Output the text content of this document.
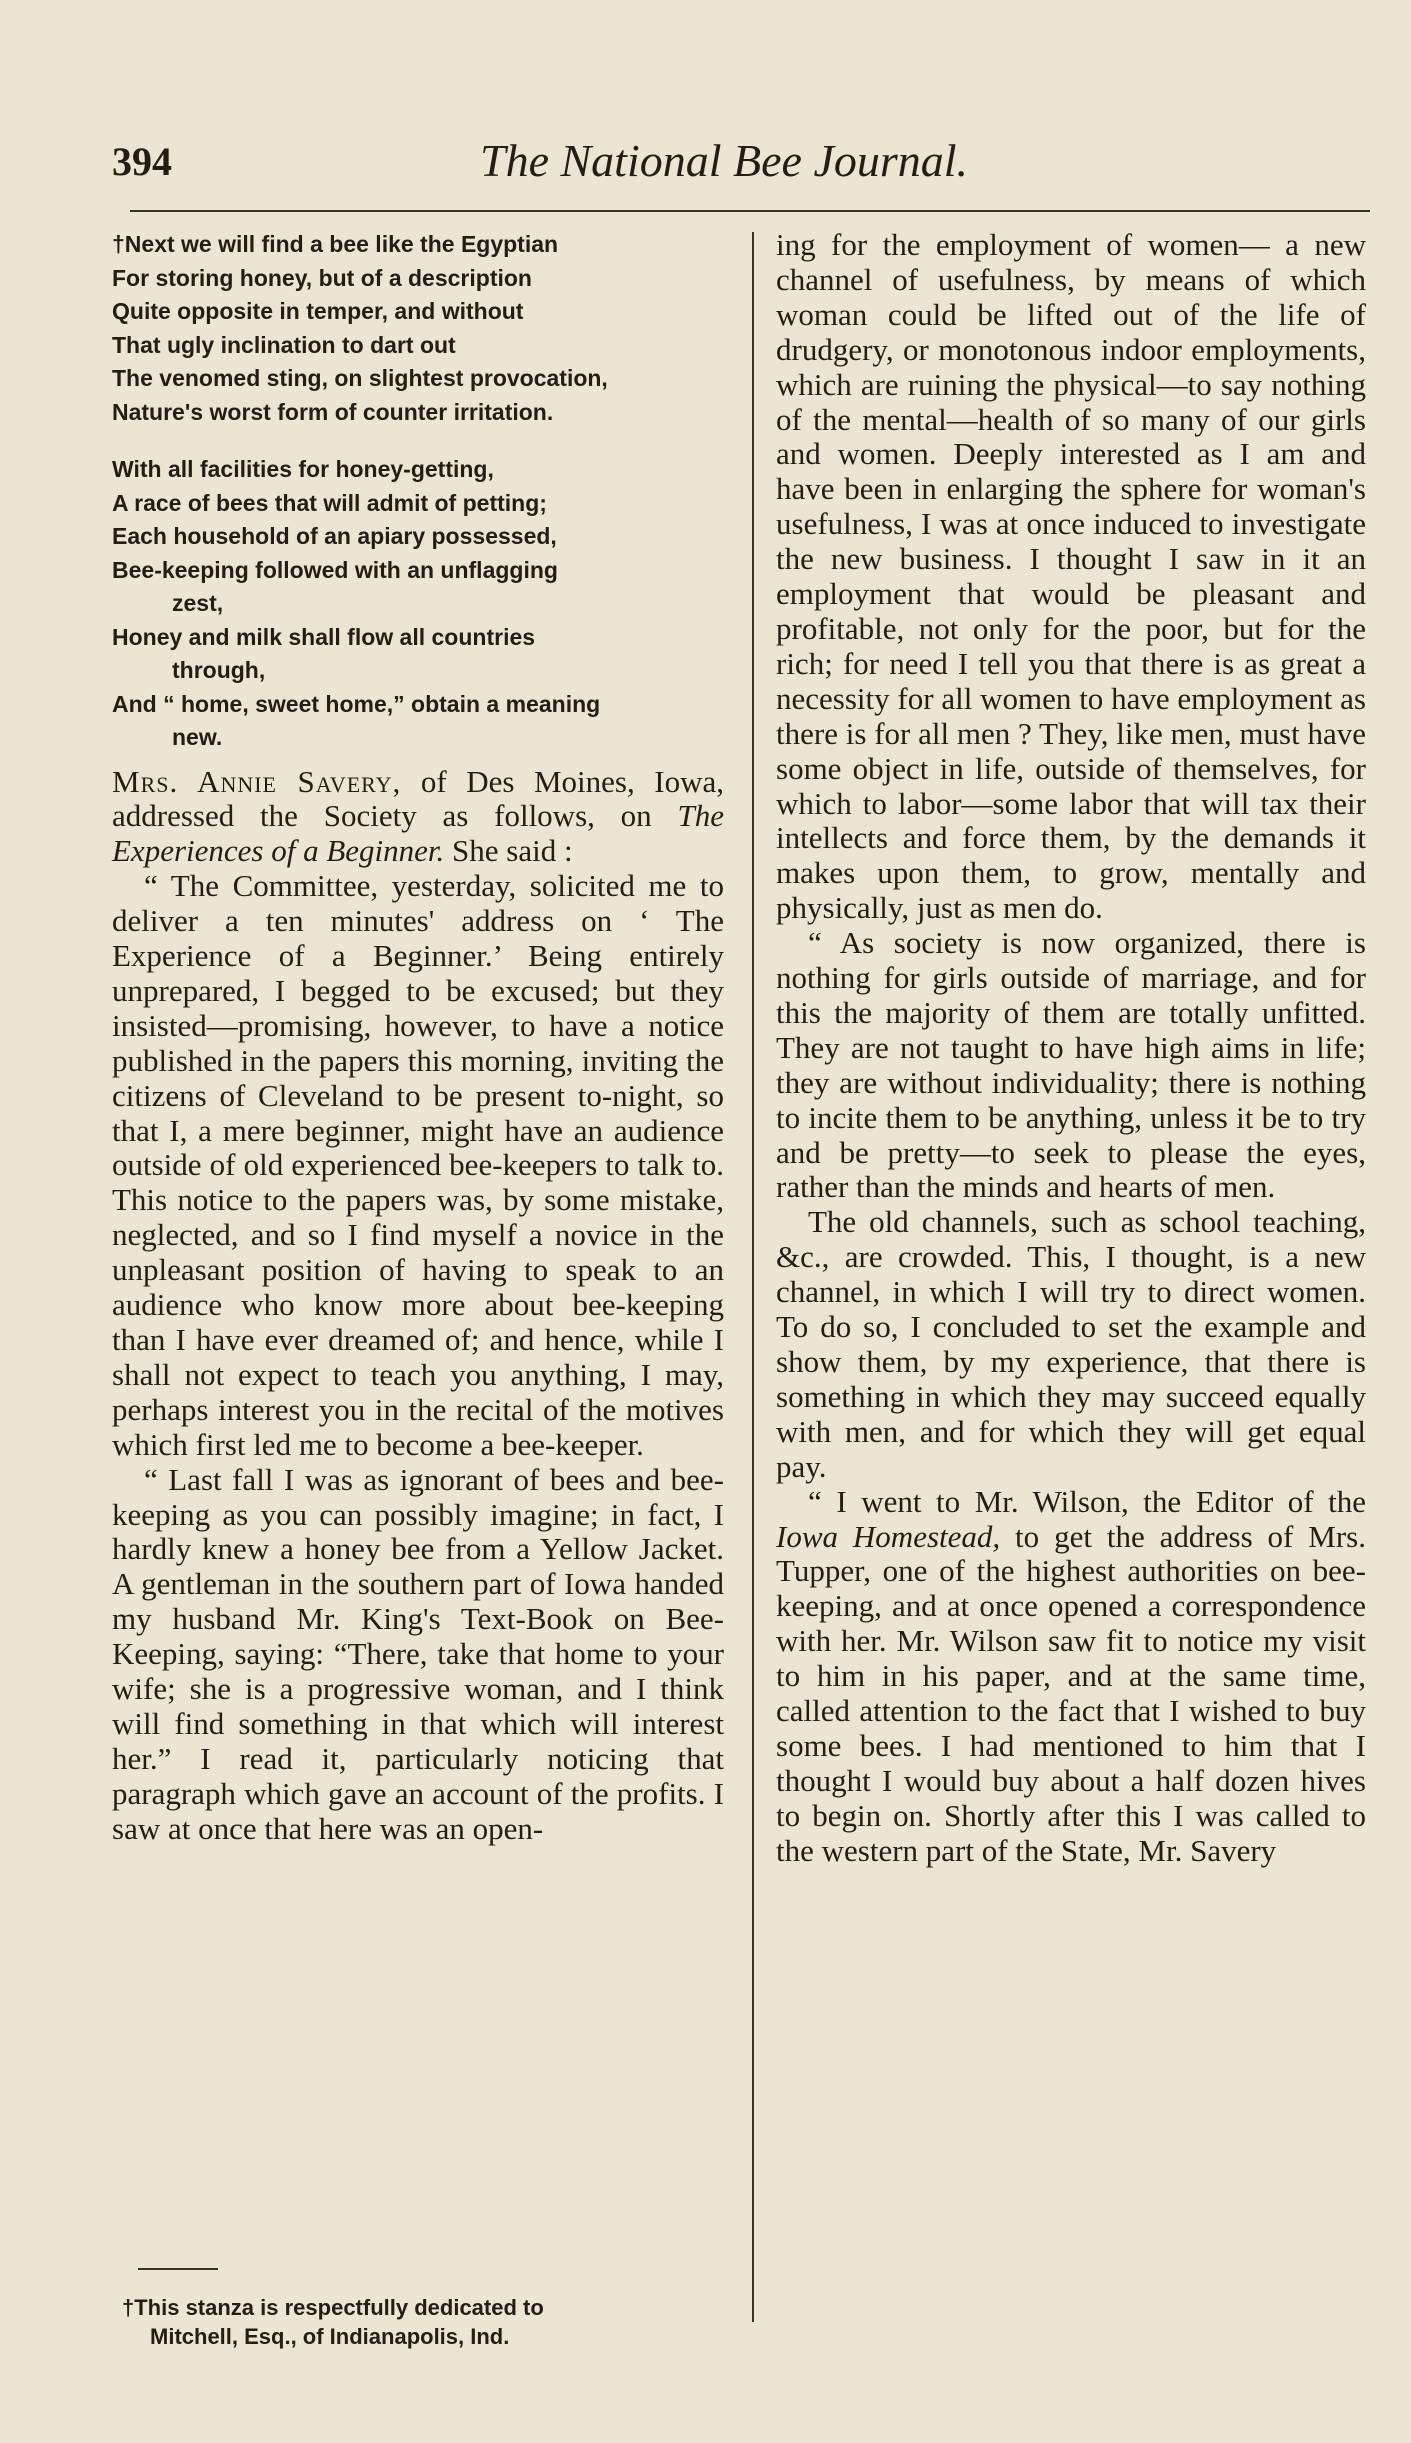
394	The National Bee Journal.
†Next we will find a bee like the Egyptian
For storing honey, but of a description
Quite opposite in temper, and without
That ugly inclination to dart out
The venomed sting, on slightest provocation,
Nature's worst form of counter irritation.
With all facilities for honey-getting,
A race of bees that will admit of petting;
Each household of an apiary possessed,
Bee-keeping followed with an unflagging
zest,
Honey and milk shall flow all countries
through,
And “ home, sweet home,” obtain a meaning
new.

Mrs. Annie Savery, of Des Moines, Iowa, addressed the Society as follows, on The Experiences of a Beginner. She said :

“ The Committee, yesterday, solicited me to deliver a ten minutes' address on ‘ The Experience of a Beginner.’ Being entirely unprepared, I begged to be excused; but they insisted—promising, however, to have a notice published in the papers this morning, inviting the citizens of Cleveland to be present to-night, so that I, a mere beginner, might have an audience outside of old experienced bee-keepers to talk to. This notice to the papers was, by some mistake, neglected, and so I find myself a novice in the unpleasant position of having to speak to an audience who know more about bee-keeping than I have ever dreamed of; and hence, while I shall not expect to teach you anything, I may, perhaps interest you in the recital of the motives which first led me to become a bee-keeper.

“ Last fall I was as ignorant of bees and bee-keeping as you can possibly imagine; in fact, I hardly knew a honey bee from a Yellow Jacket. A gentleman in the southern part of Iowa handed my husband Mr. King's Text-Book on Bee-Keeping, saying: “There, take that home to your wife; she is a progressive woman, and I think will find something in that which will interest her.” I read it, particularly noticing that paragraph which gave an account of the profits. I saw at once that here was an open-

ing for the employment of women— a new channel of usefulness, by means of which woman could be lifted out of the life of drudgery, or monotonous indoor employments, which are ruining the physical—to say nothing of the mental—health of so many of our girls and women. Deeply interested as I am and have been in enlarging the sphere for woman's usefulness, I was at once induced to investigate the new business. I thought I saw in it an employment that would be pleasant and profitable, not only for the poor, but for the rich; for need I tell you that there is as great a necessity for all women to have employment as there is for all men ? They, like men, must have some object in life, outside of themselves, for which to labor—some labor that will tax their intellects and force them, by the demands it makes upon them, to grow, mentally and physically, just as men do.

“ As society is now organized, there is nothing for girls outside of marriage, and for this the majority of them are totally unfitted. They are not taught to have high aims in life; they are without individuality; there is nothing to incite them to be anything, unless it be to try and be pretty—to seek to please the eyes, rather than the minds and hearts of men.

The old channels, such as school teaching, &c., are crowded. This, I thought, is a new channel, in which I will try to direct women. To do so, I concluded to set the example and show them, by my experience, that there is something in which they may succeed equally with men, and for which they will get equal pay.

“ I went to Mr. Wilson, the Editor of the Iowa Homestead, to get the address of Mrs. Tupper, one of the highest authorities on bee-keeping, and at once opened a correspondence with her. Mr. Wilson saw fit to notice my visit to him in his paper, and at the same time, called attention to the fact that I wished to buy some bees. I had mentioned to him that I thought I would buy about a half dozen hives to begin on. Shortly after this I was called to the western part of the State, Mr. Savery

†This stanza is respectfully dedicated to
Mitchell, Esq., of Indianapolis, Ind.
